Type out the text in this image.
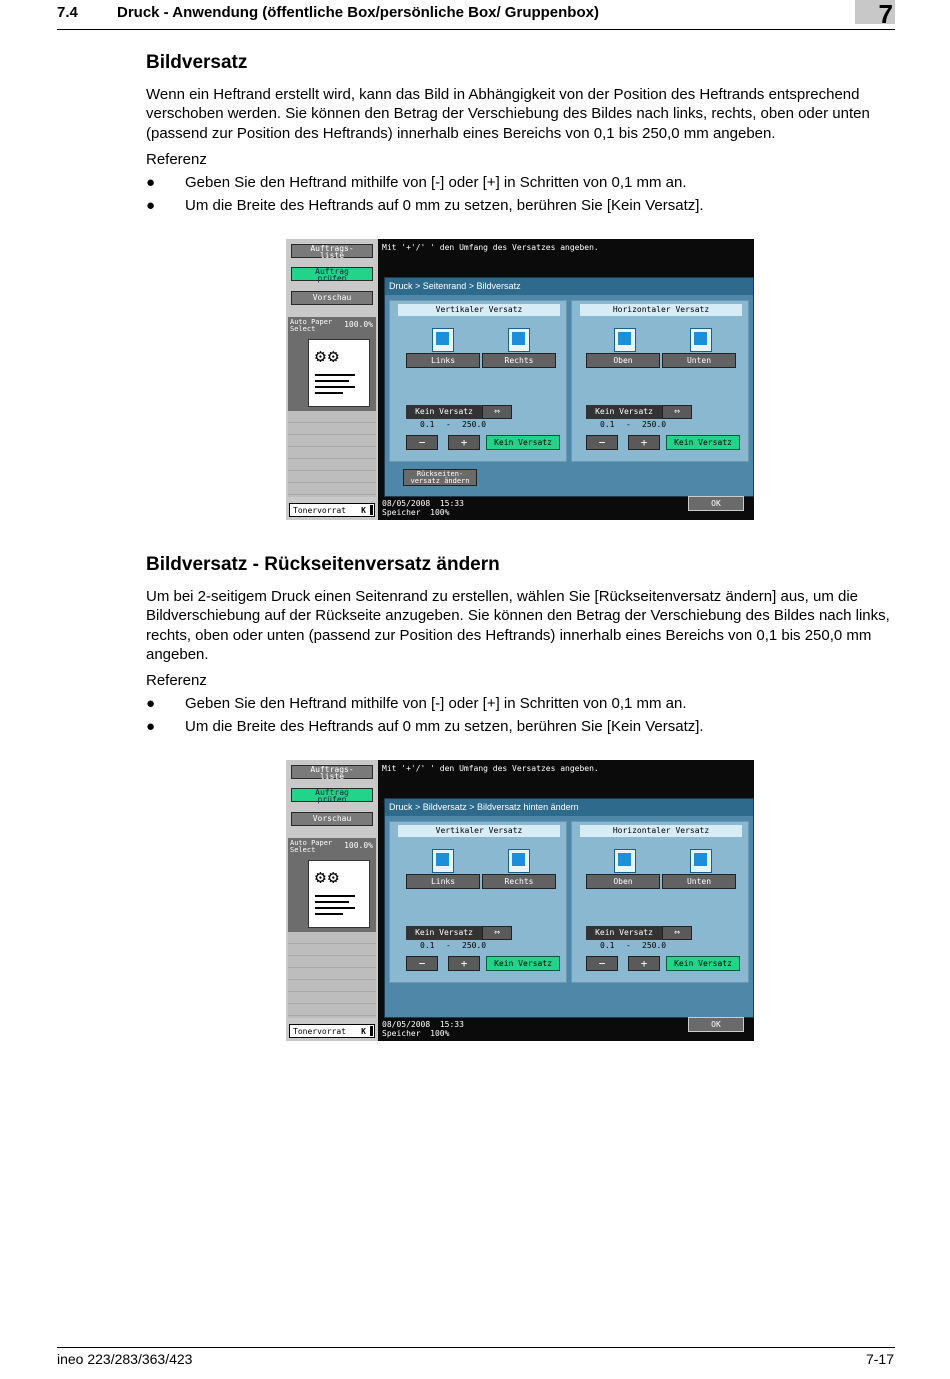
7.4	Druck - Anwendung (öffentliche Box/persönliche Box/ Gruppenbox)	7
Bildversatz

Wenn ein Heftrand erstellt wird, kann das Bild in Abhängigkeit von der Position des Heftrands entsprechend verschoben werden. Sie können den Betrag der Verschiebung des Bildes nach links, rechts, oben oder unten (passend zur Position des Heftrands) innerhalb eines Bereichs von 0,1 bis 250,0 mm angeben.

Referenz
● Geben Sie den Heftrand mithilfe von [-] oder [+] in Schritten von 0,1 mm an.
● Um die Breite des Heftrands auf 0 mm zu setzen, berühren Sie [Kein Versatz].
Auftrags-
liste
Auftrag
prüfen
Vorschau
Auto Paper
Select	100.0%
⚙⚙
Tonervorrat K
Mit '+'/' ' den Umfang des Versatzes angeben.
Druck > Seitenrand > Bildversatz
Vertikaler Versatz
Links	Rechts
Kein Versatz	⇔
0.1 - 250.0
−	+	Kein Versatz
Horizontaler Versatz
Oben	Unten
Kein Versatz	⇔
0.1 - 250.0
−	+	Kein Versatz
Rückseiten-
versatz ändern
08/05/2008 15:33
Speicher 100%
OK
Bildversatz - Rückseitenversatz ändern

Um bei 2-seitigem Druck einen Seitenrand zu erstellen, wählen Sie [Rückseitenversatz ändern] aus, um die Bildverschiebung auf der Rückseite anzugeben. Sie können den Betrag der Verschiebung des Bildes nach links, rechts, oben oder unten (passend zur Position des Heftrands) innerhalb eines Bereichs von 0,1 bis 250,0 mm angeben.

Referenz
● Geben Sie den Heftrand mithilfe von [-] oder [+] in Schritten von 0,1 mm an.
● Um die Breite des Heftrands auf 0 mm zu setzen, berühren Sie [Kein Versatz].
Auftrags-
liste
Auftrag
prüfen
Vorschau
Auto Paper
Select	100.0%
⚙⚙
Tonervorrat K
Mit '+'/' ' den Umfang des Versatzes angeben.
Druck > Bildversatz > Bildversatz hinten ändern
Vertikaler Versatz
Links	Rechts
Kein Versatz	⇔
0.1 - 250.0
−	+	Kein Versatz
Horizontaler Versatz
Oben	Unten
Kein Versatz	⇔
0.1 - 250.0
−	+	Kein Versatz
08/05/2008 15:33
Speicher 100%
OK
ineo 223/283/363/423	7-17
